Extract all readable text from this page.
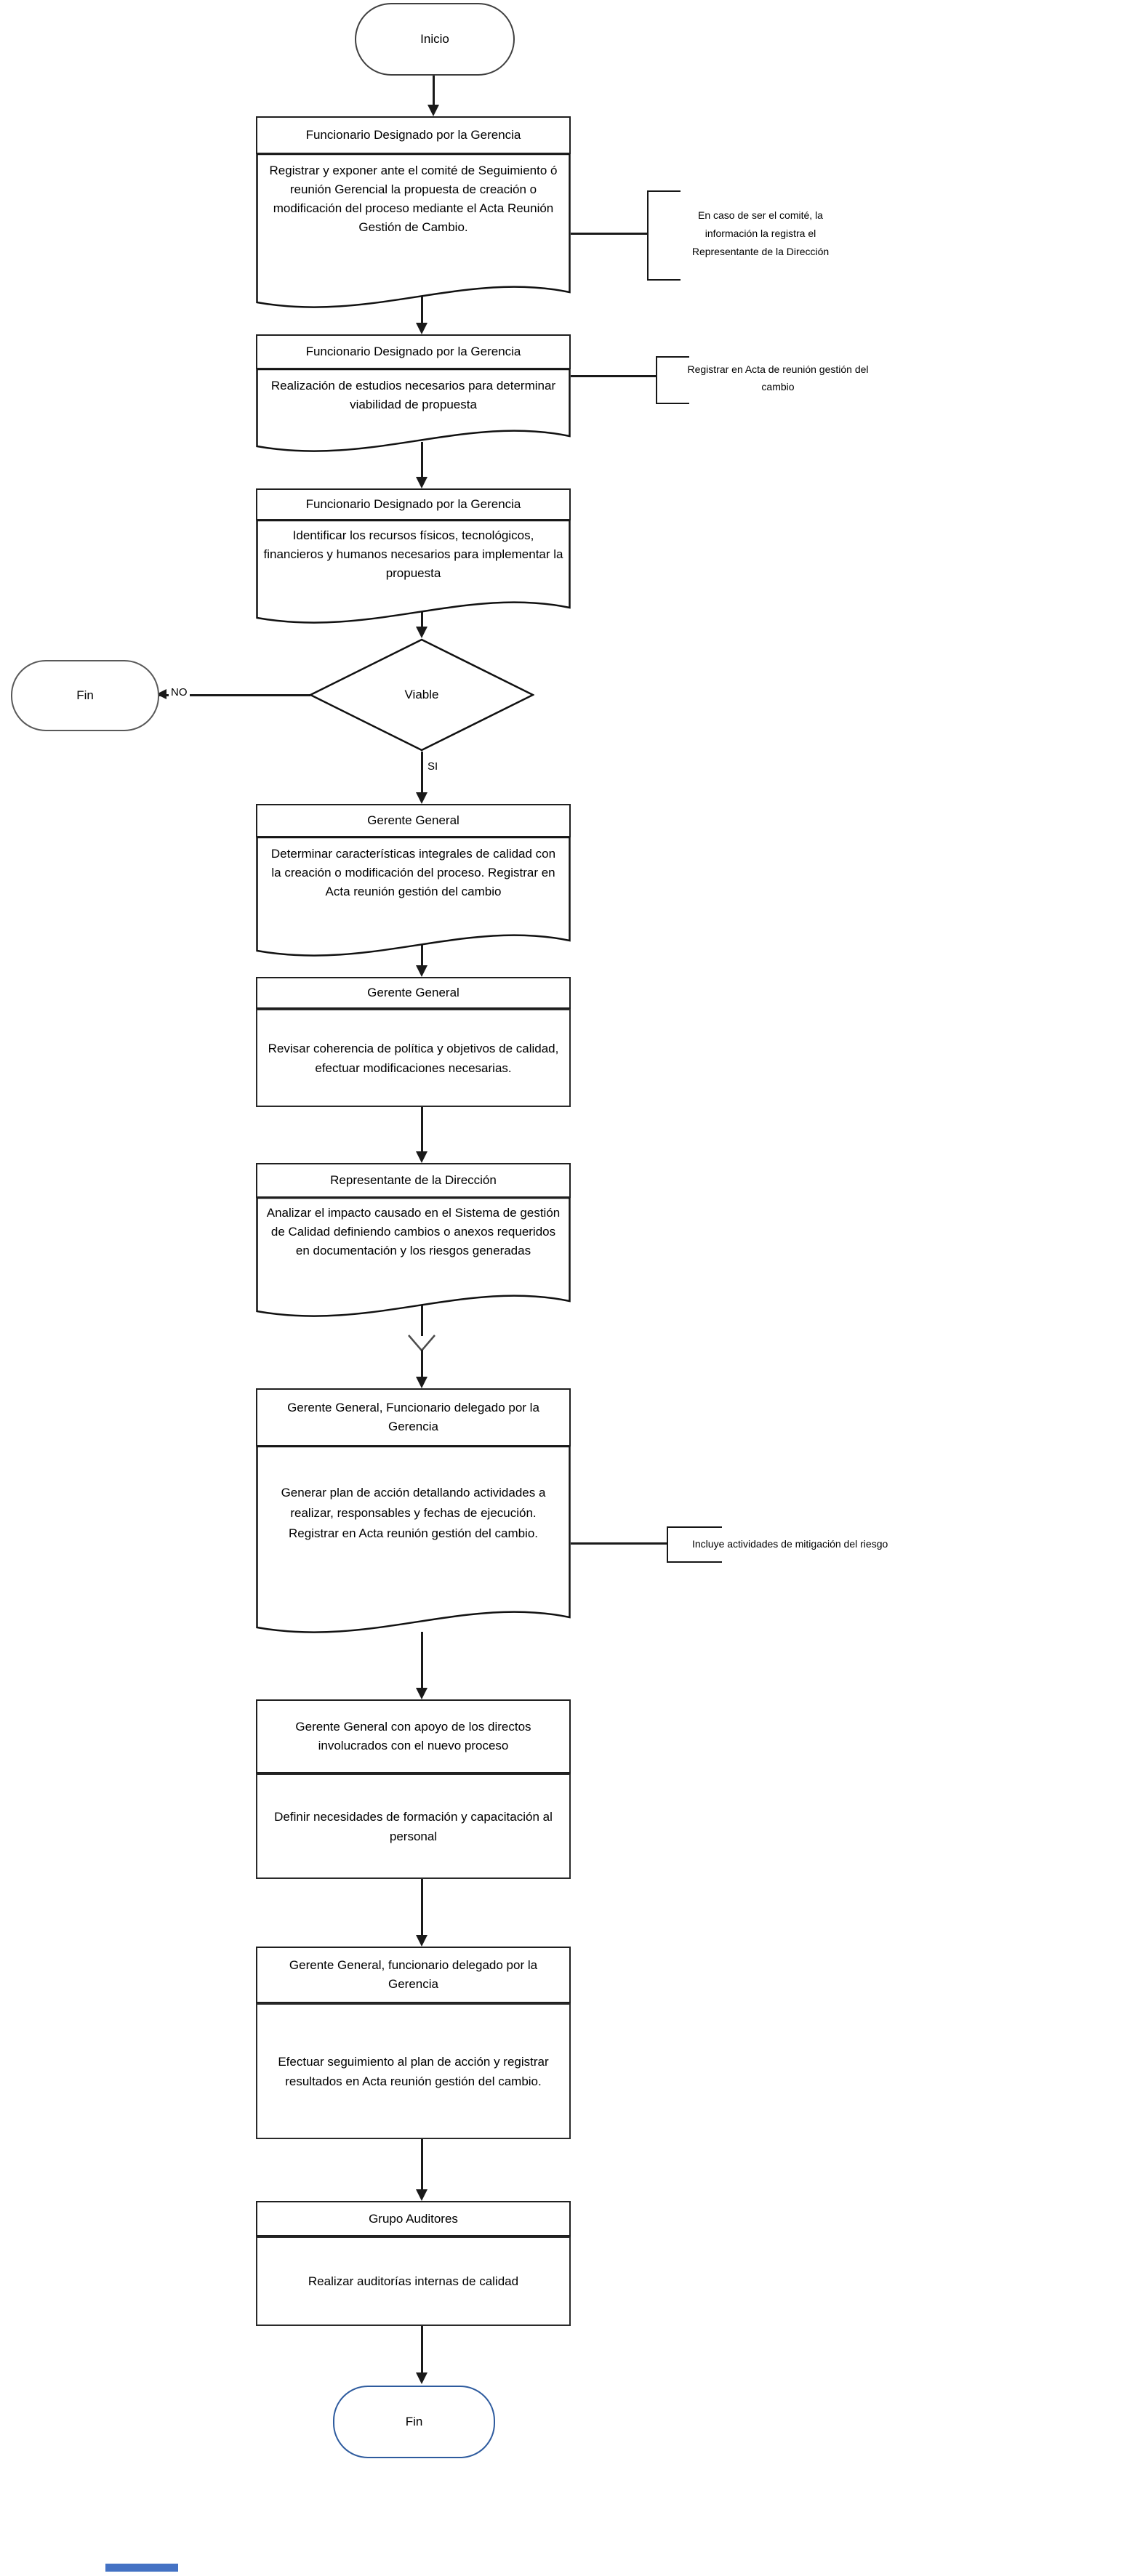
Inicio
Funcionario Designado por la Gerencia
Registrar y exponer ante el comité de Seguimiento ó reunión Gerencial la propuesta de creación o modificación del proceso mediante el Acta Reunión Gestión de Cambio.
En caso de ser el comité, la información la registra el Representante de la Dirección
Funcionario Designado por la Gerencia
Realización de estudios necesarios para determinar viabilidad de propuesta
Registrar en Acta de reunión gestión del cambio
Funcionario Designado por la Gerencia
Identificar los recursos físicos, tecnológicos, financieros y humanos necesarios para implementar la propuesta
Viable
NO
Fin
SI
Gerente General
Determinar características integrales de calidad con la creación o modificación del proceso. Registrar en Acta reunión gestión del cambio
Gerente General
Revisar coherencia de política y objetivos de calidad, efectuar modificaciones necesarias.
Representante de la Dirección
Analizar el impacto causado en el Sistema de gestión de Calidad definiendo cambios o anexos requeridos en documentación y los riesgos generadas
Gerente General, Funcionario delegado por la Gerencia
Generar plan de acción detallando actividades a realizar, responsables y fechas de ejecución. Registrar en Acta reunión gestión del cambio.
Incluye actividades de mitigación del riesgo
Gerente General con apoyo de los directos involucrados con el nuevo proceso
Definir necesidades de formación y capacitación al personal
Gerente General, funcionario delegado por la Gerencia
Efectuar seguimiento al plan de acción y registrar resultados en Acta reunión gestión del cambio.
Grupo Auditores
Realizar auditorías internas de calidad
Fin
